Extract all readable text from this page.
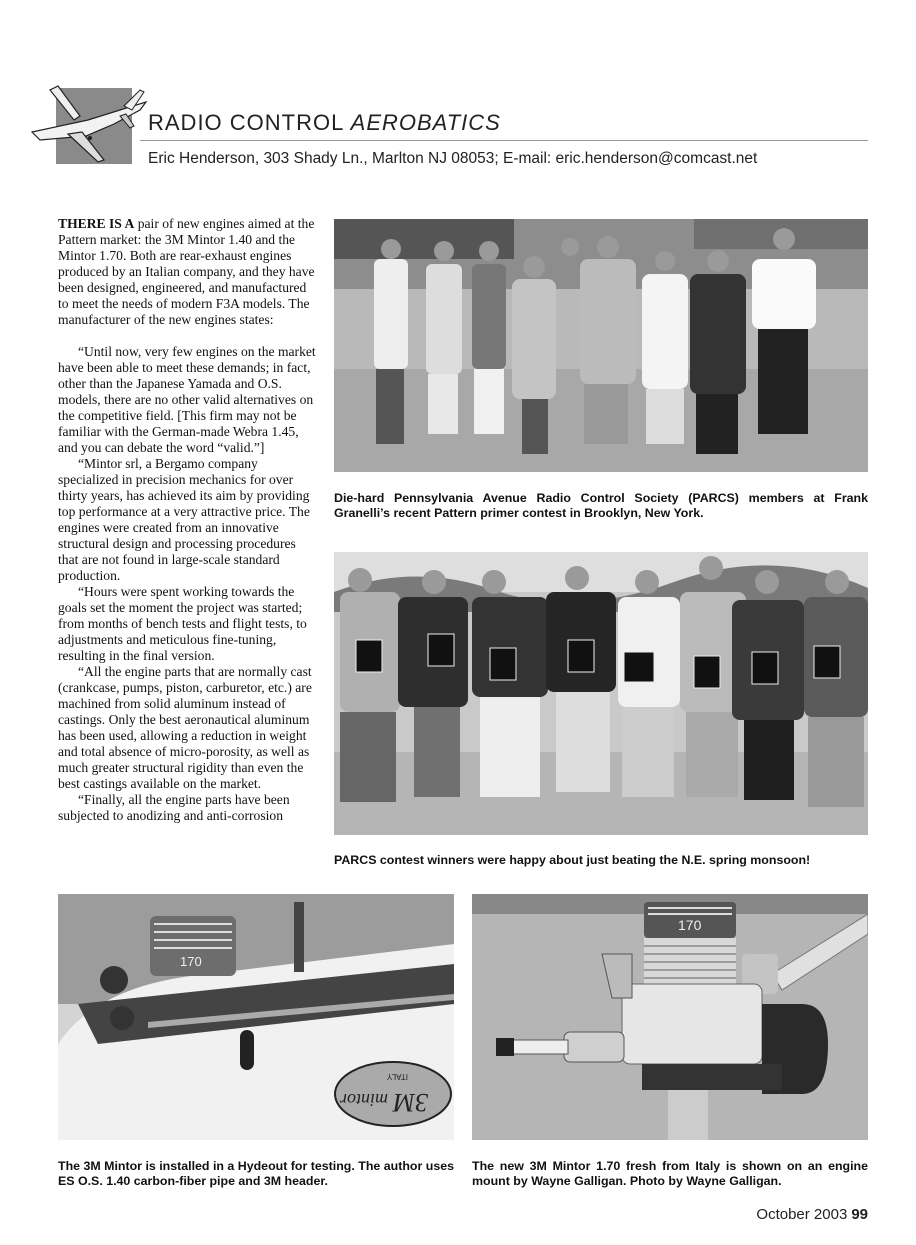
RADIO CONTROL AEROBATICS
Eric Henderson, 303 Shady Ln., Marlton NJ 08053; E-mail: eric.henderson@comcast.net

THERE IS A pair of new engines aimed at the Pattern market: the 3M Mintor 1.40 and the Mintor 1.70. Both are rear-exhaust engines produced by an Italian company, and they have been designed, engineered, and manufactured to meet the needs of modern F3A models. The manufacturer of the new engines states:

“Until now, very few engines on the market have been able to meet these demands; in fact, other than the Japanese Yamada and O.S. models, there are no other valid alternatives on the competitive field. [This firm may not be familiar with the German-made Webra 1.45, and you can debate the word “valid.”]

“Mintor srl, a Bergamo company specialized in precision mechanics for over thirty years, has achieved its aim by providing top performance at a very attractive price. The engines were created from an innovative structural design and processing procedures that are not found in large-scale standard production.

“Hours were spent working towards the goals set the moment the project was started; from months of bench tests and flight tests, to adjustments and meticulous fine-tuning, resulting in the final version.

“All the engine parts that are normally cast (crankcase, pumps, piston, carburetor, etc.) are machined from solid aluminum instead of castings. Only the best aeronautical aluminum has been used, allowing a reduction in weight and total absence of micro-porosity, as well as much greater structural rigidity than even the best castings available on the market.

“Finally, all the engine parts have been subjected to anodizing and anti-corrosion

Die-hard Pennsylvania Avenue Radio Control Society (PARCS) members at Frank Granelli’s recent Pattern primer contest in Brooklyn, New York.
PARCS contest winners were happy about just beating the N.E. spring monsoon!
170
3M
mintor
ITALY
The 3M Mintor is installed in a Hydeout for testing. The author uses ES O.S. 1.40 carbon-fiber pipe and 3M header.
170
The new 3M Mintor 1.70 fresh from Italy is shown on an engine mount by Wayne Galligan. Photo by Wayne Galligan.
October 2003 99
